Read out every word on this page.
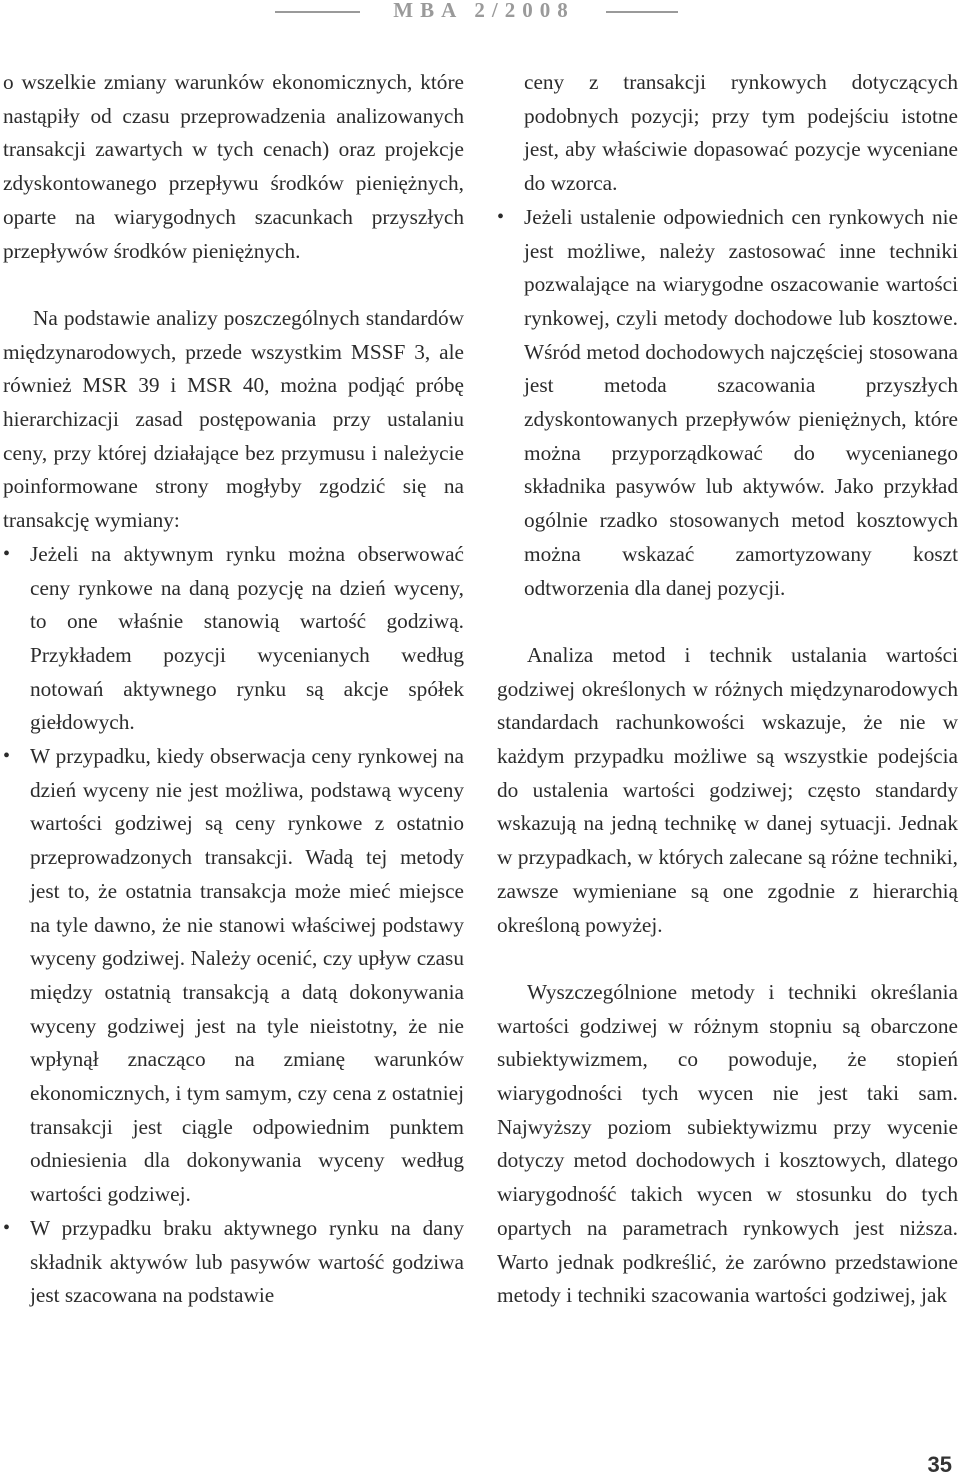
MBA 2/2008

o wszelkie zmiany warunków ekonomicznych, które nastąpiły od czasu przeprowadzenia analizowanych transakcji zawartych w tych cenach) oraz projekcje zdyskontowanego przepływu środków pieniężnych, oparte na wiarygodnych szacunkach przyszłych przepływów środków pieniężnych.

Na podstawie analizy poszczególnych standardów międzynarodowych, przede wszystkim MSSF 3, ale również MSR 39 i MSR 40, można podjąć próbę hierarchizacji zasad postępowania przy ustalaniu ceny, przy której działające bez przymusu i należycie poinformowane strony mogłyby zgodzić się na transakcję wymiany:

• Jeżeli na aktywnym rynku można obserwować ceny rynkowe na daną pozycję na dzień wyceny, to one właśnie stanowią wartość godziwą. Przykładem pozycji wycenianych według notowań aktywnego rynku są akcje spółek giełdowych.

• W przypadku, kiedy obserwacja ceny rynkowej na dzień wyceny nie jest możliwa, podstawą wyceny wartości godziwej są ceny rynkowe z ostatnio przeprowadzonych transakcji. Wadą tej metody jest to, że ostatnia transakcja może mieć miejsce na tyle dawno, że nie stanowi właściwej podstawy wyceny godziwej. Należy ocenić, czy upływ czasu między ostatnią transakcją a datą dokonywania wyceny godziwej jest na tyle nieistotny, że nie wpłynął znacząco na zmianę warunków ekonomicznych, i tym samym, czy cena z ostatniej transakcji jest ciągle odpowiednim punktem odniesienia dla dokonywania wyceny według wartości godziwej.

• W przypadku braku aktywnego rynku na dany składnik aktywów lub pasywów wartość godziwa jest szacowana na podstawie

ceny z transakcji rynkowych dotyczących podobnych pozycji; przy tym podejściu istotne jest, aby właściwie dopasować pozycje wyceniane do wzorca.

• Jeżeli ustalenie odpowiednich cen rynkowych nie jest możliwe, należy zastosować inne techniki pozwalające na wiarygodne oszacowanie wartości rynkowej, czyli metody dochodowe lub kosztowe. Wśród metod dochodowych najczęściej stosowana jest metoda szacowania przyszłych zdyskontowanych przepływów pieniężnych, które można przyporządkować do wycenianego składnika pasywów lub aktywów. Jako przykład ogólnie rzadko stosowanych metod kosztowych można wskazać zamortyzowany koszt odtworzenia dla danej pozycji.

Analiza metod i technik ustalania wartości godziwej określonych w różnych międzynarodowych standardach rachunkowości wskazuje, że nie w każdym przypadku możliwe są wszystkie podejścia do ustalenia wartości godziwej; często standardy wskazują na jedną technikę w danej sytuacji. Jednak w przypadkach, w których zalecane są różne techniki, zawsze wymieniane są one zgodnie z hierarchią określoną powyżej.

Wyszczególnione metody i techniki określania wartości godziwej w różnym stopniu są obarczone subiektywizmem, co powoduje, że stopień wiarygodności tych wycen nie jest taki sam. Najwyższy poziom subiektywizmu przy wycenie dotyczy metod dochodowych i kosztowych, dlatego wiarygodność takich wycen w stosunku do tych opartych na parametrach rynkowych jest niższa. Warto jednak podkreślić, że zarówno przedstawione metody i techniki szacowania wartości godziwej, jak

35
